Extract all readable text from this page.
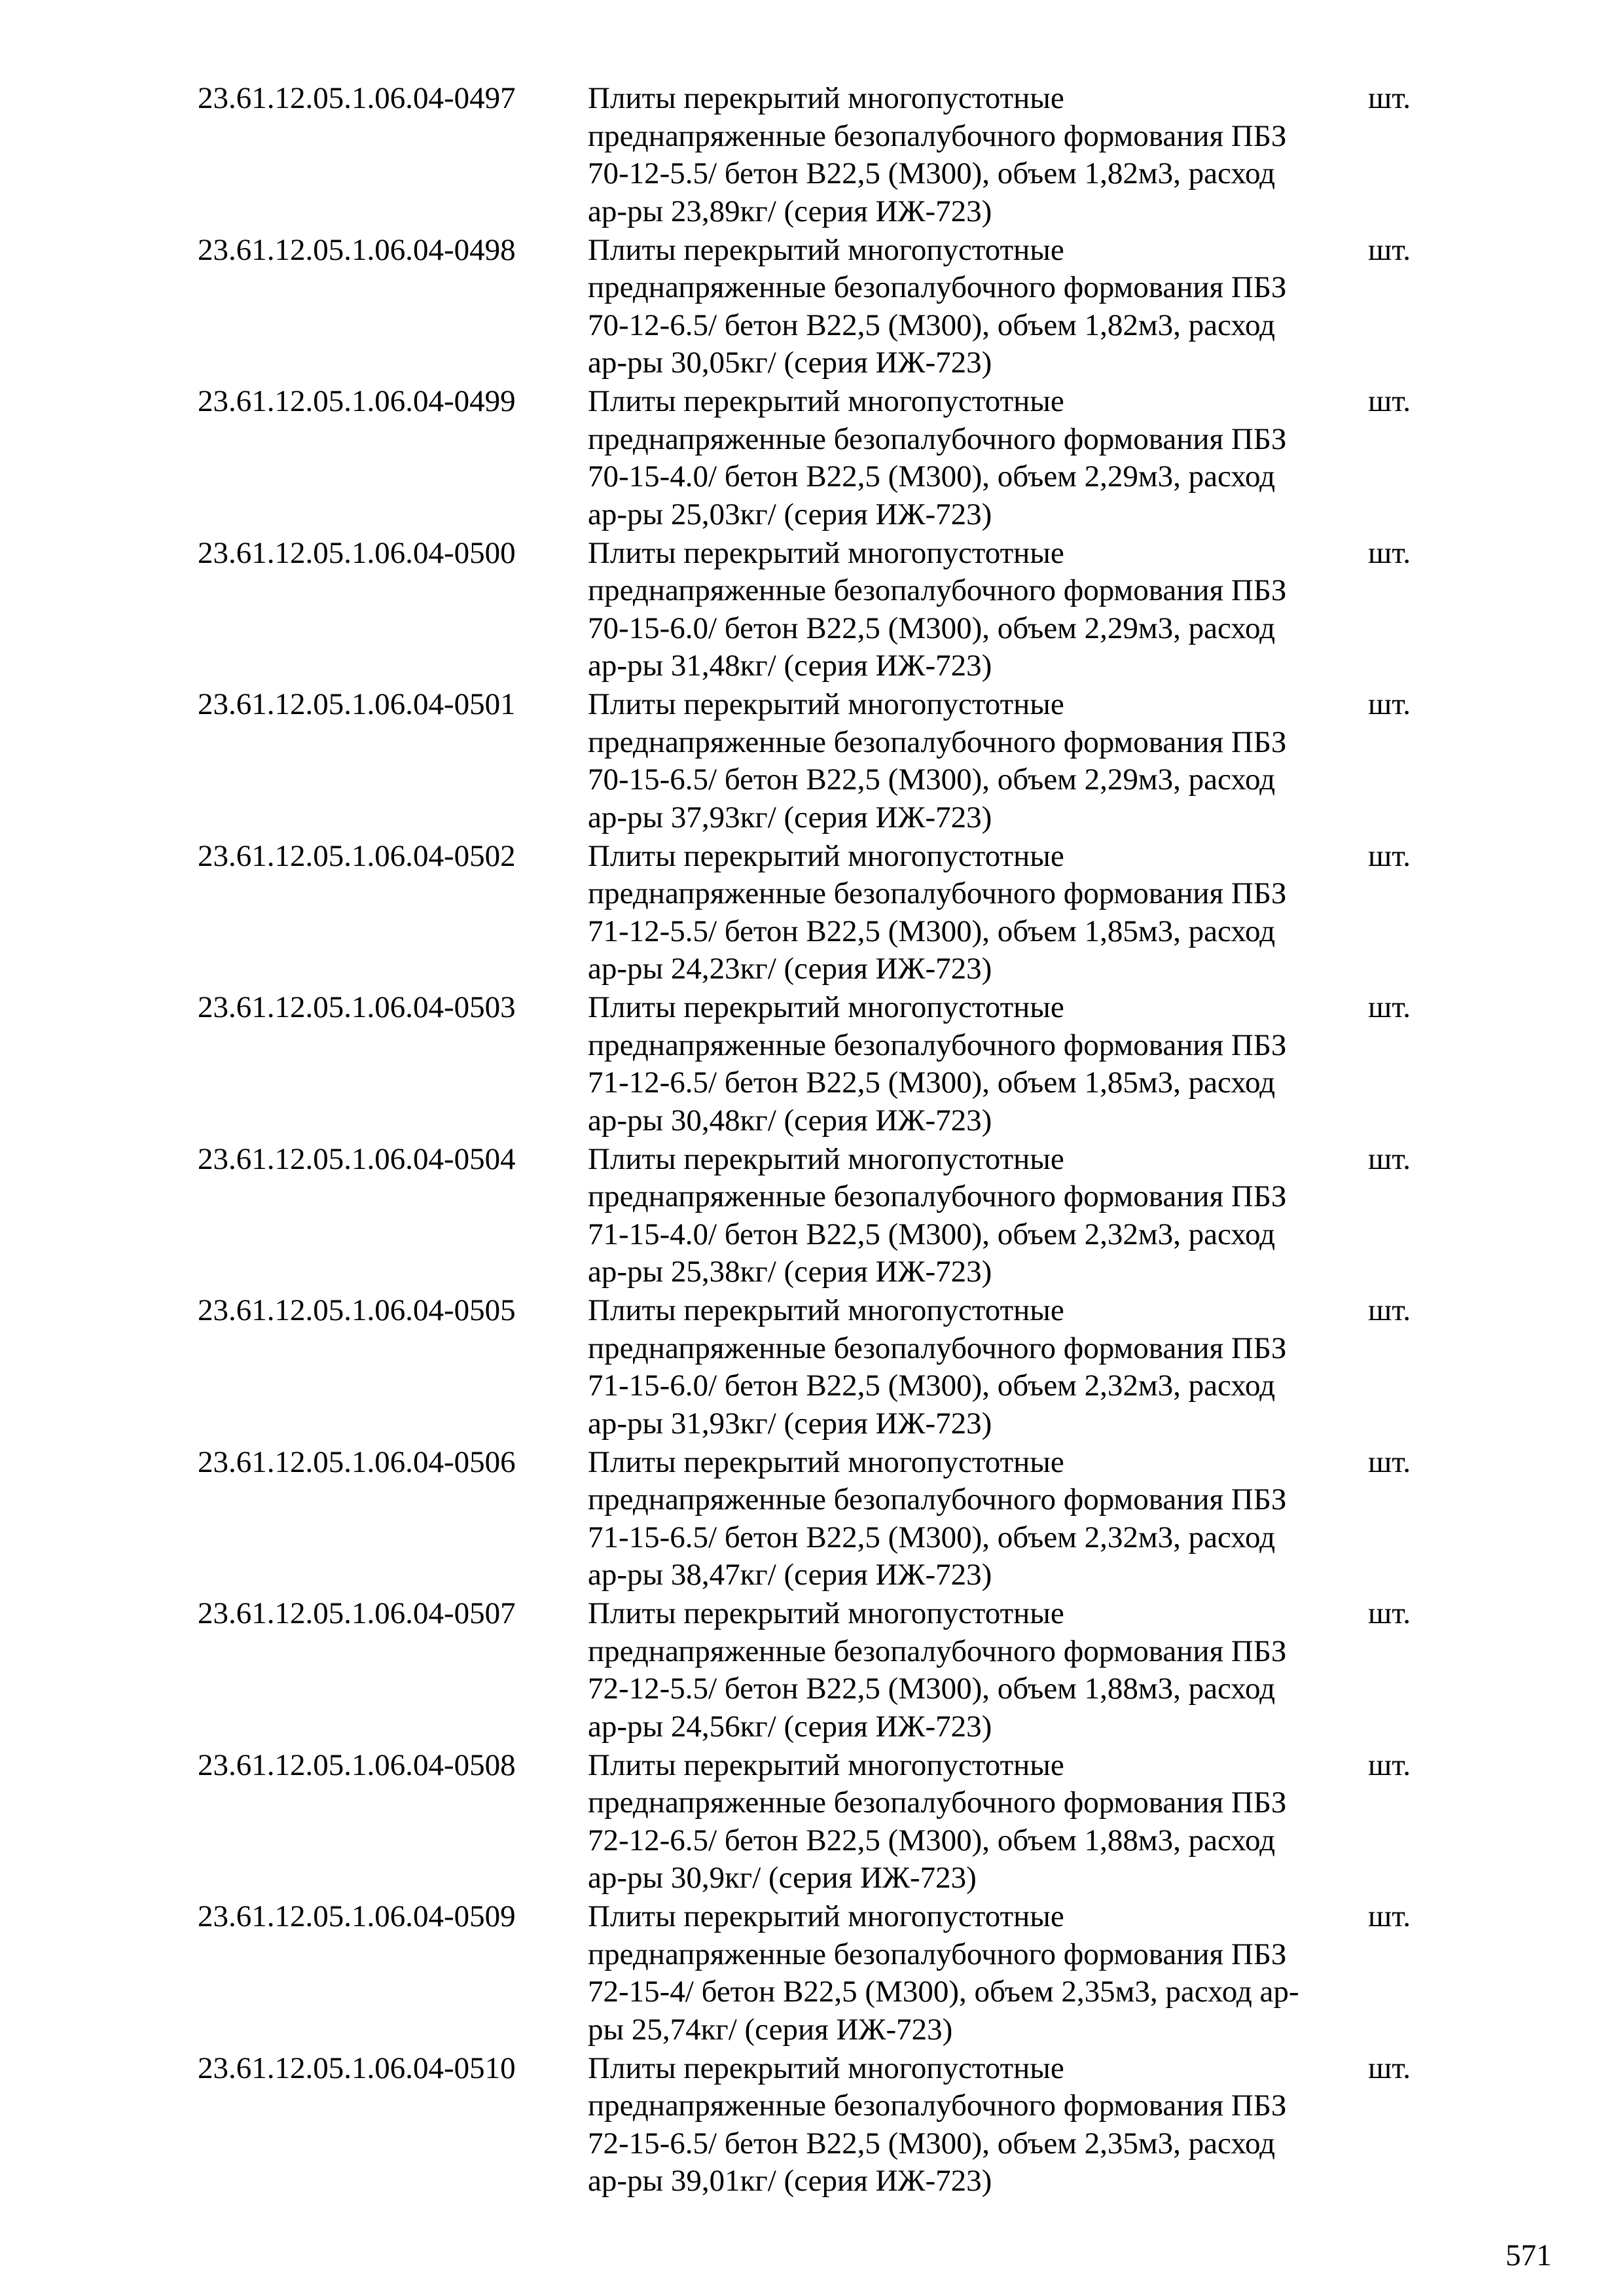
23.61.12.05.1.06.04-0497 Плиты перекрытий многопустотные
преднапряженные безопалубочного формования ПБЗ
70-12-5.5/ бетон В22,5 (М300), объем 1,82м3, расход
ар-ры 23,89кг/ (серия ИЖ-723)
шт.
23.61.12.05.1.06.04-0498 Плиты перекрытий многопустотные
преднапряженные безопалубочного формования ПБЗ
70-12-6.5/ бетон В22,5 (М300), объем 1,82м3, расход
ар-ры 30,05кг/ (серия ИЖ-723)
шт.
23.61.12.05.1.06.04-0499 Плиты перекрытий многопустотные
преднапряженные безопалубочного формования ПБЗ
70-15-4.0/ бетон В22,5 (М300), объем 2,29м3, расход
ар-ры 25,03кг/ (серия ИЖ-723)
шт.
23.61.12.05.1.06.04-0500 Плиты перекрытий многопустотные
преднапряженные безопалубочного формования ПБЗ
70-15-6.0/ бетон В22,5 (М300), объем 2,29м3, расход
ар-ры 31,48кг/ (серия ИЖ-723)
шт.
23.61.12.05.1.06.04-0501 Плиты перекрытий многопустотные
преднапряженные безопалубочного формования ПБЗ
70-15-6.5/ бетон В22,5 (М300), объем 2,29м3, расход
ар-ры 37,93кг/ (серия ИЖ-723)
шт.
23.61.12.05.1.06.04-0502 Плиты перекрытий многопустотные
преднапряженные безопалубочного формования ПБЗ
71-12-5.5/ бетон В22,5 (М300), объем 1,85м3, расход
ар-ры 24,23кг/ (серия ИЖ-723)
шт.
23.61.12.05.1.06.04-0503 Плиты перекрытий многопустотные
преднапряженные безопалубочного формования ПБЗ
71-12-6.5/ бетон В22,5 (М300), объем 1,85м3, расход
ар-ры 30,48кг/ (серия ИЖ-723)
шт.
23.61.12.05.1.06.04-0504 Плиты перекрытий многопустотные
преднапряженные безопалубочного формования ПБЗ
71-15-4.0/ бетон В22,5 (М300), объем 2,32м3, расход
ар-ры 25,38кг/ (серия ИЖ-723)
шт.
23.61.12.05.1.06.04-0505 Плиты перекрытий многопустотные
преднапряженные безопалубочного формования ПБЗ
71-15-6.0/ бетон В22,5 (М300), объем 2,32м3, расход
ар-ры 31,93кг/ (серия ИЖ-723)
шт.
23.61.12.05.1.06.04-0506 Плиты перекрытий многопустотные
преднапряженные безопалубочного формования ПБЗ
71-15-6.5/ бетон В22,5 (М300), объем 2,32м3, расход
ар-ры 38,47кг/ (серия ИЖ-723)
шт.
23.61.12.05.1.06.04-0507 Плиты перекрытий многопустотные
преднапряженные безопалубочного формования ПБЗ
72-12-5.5/ бетон В22,5 (М300), объем 1,88м3, расход
ар-ры 24,56кг/ (серия ИЖ-723)
шт.
23.61.12.05.1.06.04-0508 Плиты перекрытий многопустотные
преднапряженные безопалубочного формования ПБЗ
72-12-6.5/ бетон В22,5 (М300), объем 1,88м3, расход
ар-ры 30,9кг/ (серия ИЖ-723)
шт.
23.61.12.05.1.06.04-0509 Плиты перекрытий многопустотные
преднапряженные безопалубочного формования ПБЗ
72-15-4/ бетон В22,5 (М300), объем 2,35м3, расход ар-
ры 25,74кг/ (серия ИЖ-723)
шт.
23.61.12.05.1.06.04-0510 Плиты перекрытий многопустотные
преднапряженные безопалубочного формования ПБЗ
72-15-6.5/ бетон В22,5 (М300), объем 2,35м3, расход
ар-ры 39,01кг/ (серия ИЖ-723)
шт.
571
